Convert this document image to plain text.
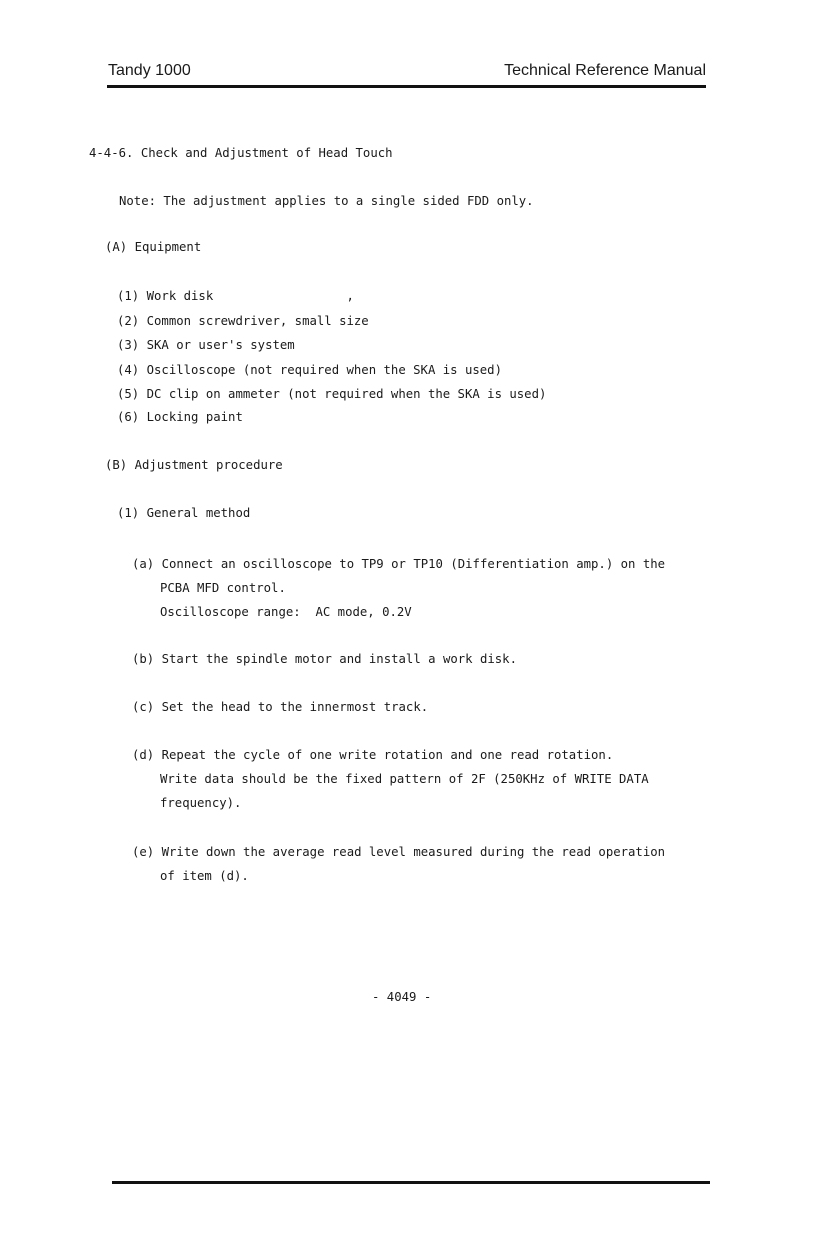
Tandy 1000	Technical Reference Manual
4-4-6. Check and Adjustment of Head Touch
Note: The adjustment applies to a single sided FDD only.
(A) Equipment
(1) Work disk                  ,
(2) Common screwdriver, small size
(3) SKA or user's system
(4) Oscilloscope (not required when the SKA is used)
(5) DC clip on ammeter (not required when the SKA is used)
(6) Locking paint
(B) Adjustment procedure
(1) General method
(a) Connect an oscilloscope to TP9 or TP10 (Differentiation amp.) on the
PCBA MFD control.
Oscilloscope range:  AC mode, 0.2V
(b) Start the spindle motor and install a work disk.
(c) Set the head to the innermost track.
(d) Repeat the cycle of one write rotation and one read rotation.
Write data should be the fixed pattern of 2F (250KHz of WRITE DATA
frequency).
(e) Write down the average read level measured during the read operation
of item (d).
- 4049 -
